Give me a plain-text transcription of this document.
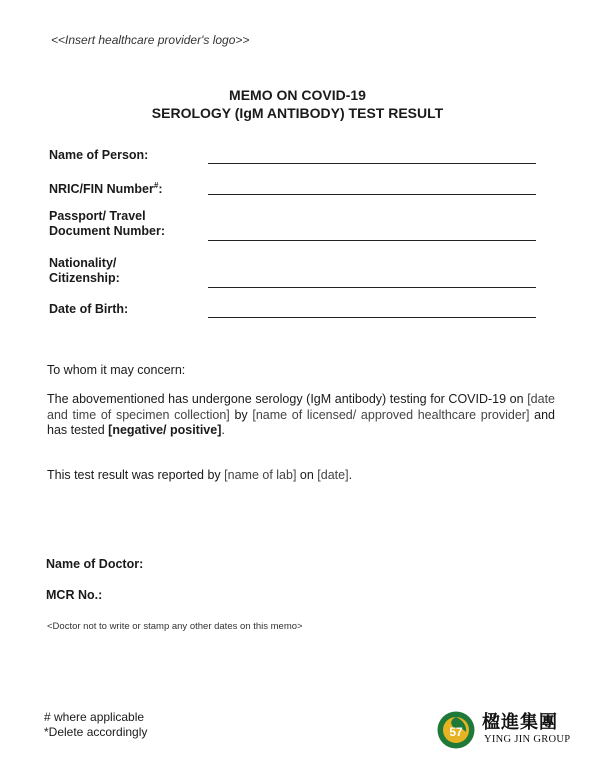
<<Insert healthcare provider's logo>>
MEMO ON COVID-19
SEROLOGY (IgM ANTIBODY) TEST RESULT
Name of Person:
NRIC/FIN Number#:
Passport/ Travel
Document Number:
Nationality/
Citizenship:
Date of Birth:
To whom it may concern:
The abovementioned has undergone serology (IgM antibody) testing for COVID-19 on [date and time of specimen collection] by [name of licensed/ approved healthcare provider] and has tested [negative/ positive].
This test result was reported by [name of lab] on [date].
Name of Doctor:
MCR No.:
<Doctor not to write or stamp any other dates on this memo>
# where applicable
*Delete accordingly	57 楹進集團
YING JIN GROUP
